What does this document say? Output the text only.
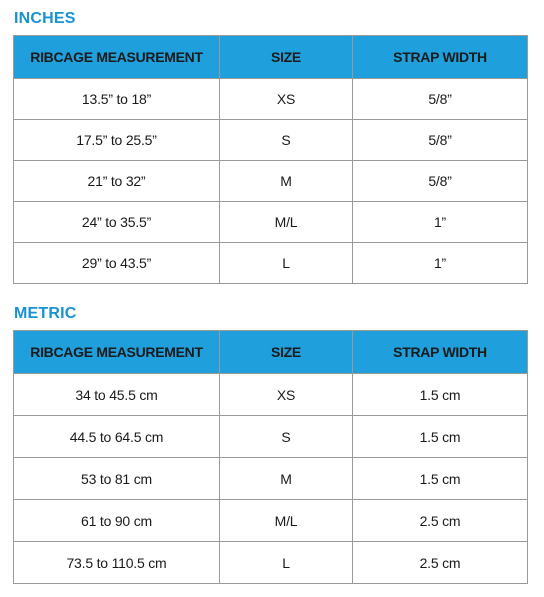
INCHES
RIBCAGE MEASUREMENT	SIZE	STRAP WIDTH
13.5” to 18”	XS	5/8”
17.5” to 25.5”	S	5/8”
21” to 32”	M	5/8”
24” to 35.5”	M/L	1”
29” to 43.5”	L	1”
METRIC
RIBCAGE MEASUREMENT	SIZE	STRAP WIDTH
34 to 45.5 cm	XS	1.5 cm
44.5 to 64.5 cm	S	1.5 cm
53 to 81 cm	M	1.5 cm
61 to 90 cm	M/L	2.5 cm
73.5 to 110.5 cm	L	2.5 cm
